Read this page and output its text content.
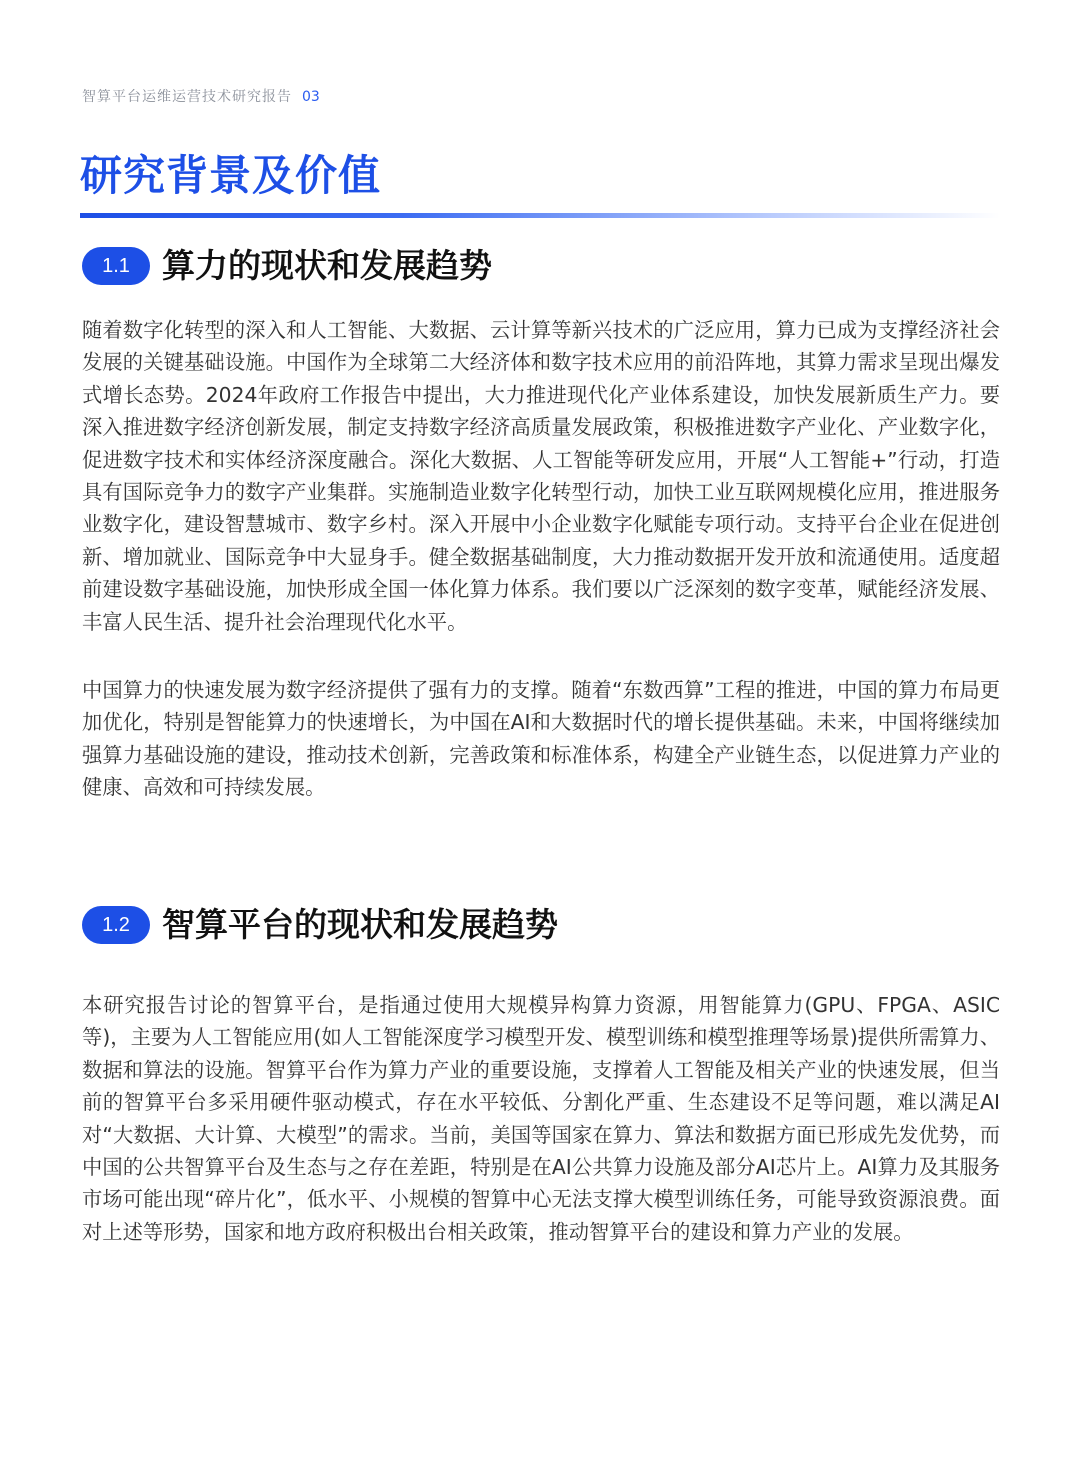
智算平台运维运营技术研究报告 03
研究背景及价值
1.1 算力的现状和发展趋势

随着数字化转型的深入和人工智能、大数据、云计算等新兴技术的广泛应用，算力已成为支撑经济社会发展的关键基础设施。中国作为全球第二大经济体和数字技术应用的前沿阵地，其算力需求呈现出爆发式增长态势。2024年政府工作报告中提出，大力推进现代化产业体系建设，加快发展新质生产力。要深入推进数字经济创新发展，制定支持数字经济高质量发展政策，积极推进数字产业化、产业数字化，促进数字技术和实体经济深度融合。深化大数据、人工智能等研发应用，开展“人工智能+”行动，打造具有国际竞争力的数字产业集群。实施制造业数字化转型行动，加快工业互联网规模化应用，推进服务业数字化，建设智慧城市、数字乡村。深入开展中小企业数字化赋能专项行动。支持平台企业在促进创新、增加就业、国际竞争中大显身手。健全数据基础制度，大力推动数据开发开放和流通使用。适度超前建设数字基础设施，加快形成全国一体化算力体系。我们要以广泛深刻的数字变革，赋能经济发展、丰富人民生活、提升社会治理现代化水平。

中国算力的快速发展为数字经济提供了强有力的支撑。随着“东数西算”工程的推进，中国的算力布局更加优化，特别是智能算力的快速增长，为中国在AI和大数据时代的增长提供基础。未来，中国将继续加强算力基础设施的建设，推动技术创新，完善政策和标准体系，构建全产业链生态，以促进算力产业的健康、高效和可持续发展。

1.2 智算平台的现状和发展趋势

本研究报告讨论的智算平台，是指通过使用大规模异构算力资源，用智能算力(GPU、FPGA、ASIC等)，主要为人工智能应用(如人工智能深度学习模型开发、模型训练和模型推理等场景)提供所需算力、数据和算法的设施。智算平台作为算力产业的重要设施，支撑着人工智能及相关产业的快速发展，但当前的智算平台多采用硬件驱动模式，存在水平较低、分割化严重、生态建设不足等问题，难以满足AI对“大数据、大计算、大模型”的需求。当前，美国等国家在算力、算法和数据方面已形成先发优势，而中国的公共智算平台及生态与之存在差距，特别是在AI公共算力设施及部分AI芯片上。AI算力及其服务市场可能出现“碎片化”，低水平、小规模的智算中心无法支撑大模型训练任务，可能导致资源浪费。面对上述等形势，国家和地方政府积极出台相关政策，推动智算平台的建设和算力产业的发展。
